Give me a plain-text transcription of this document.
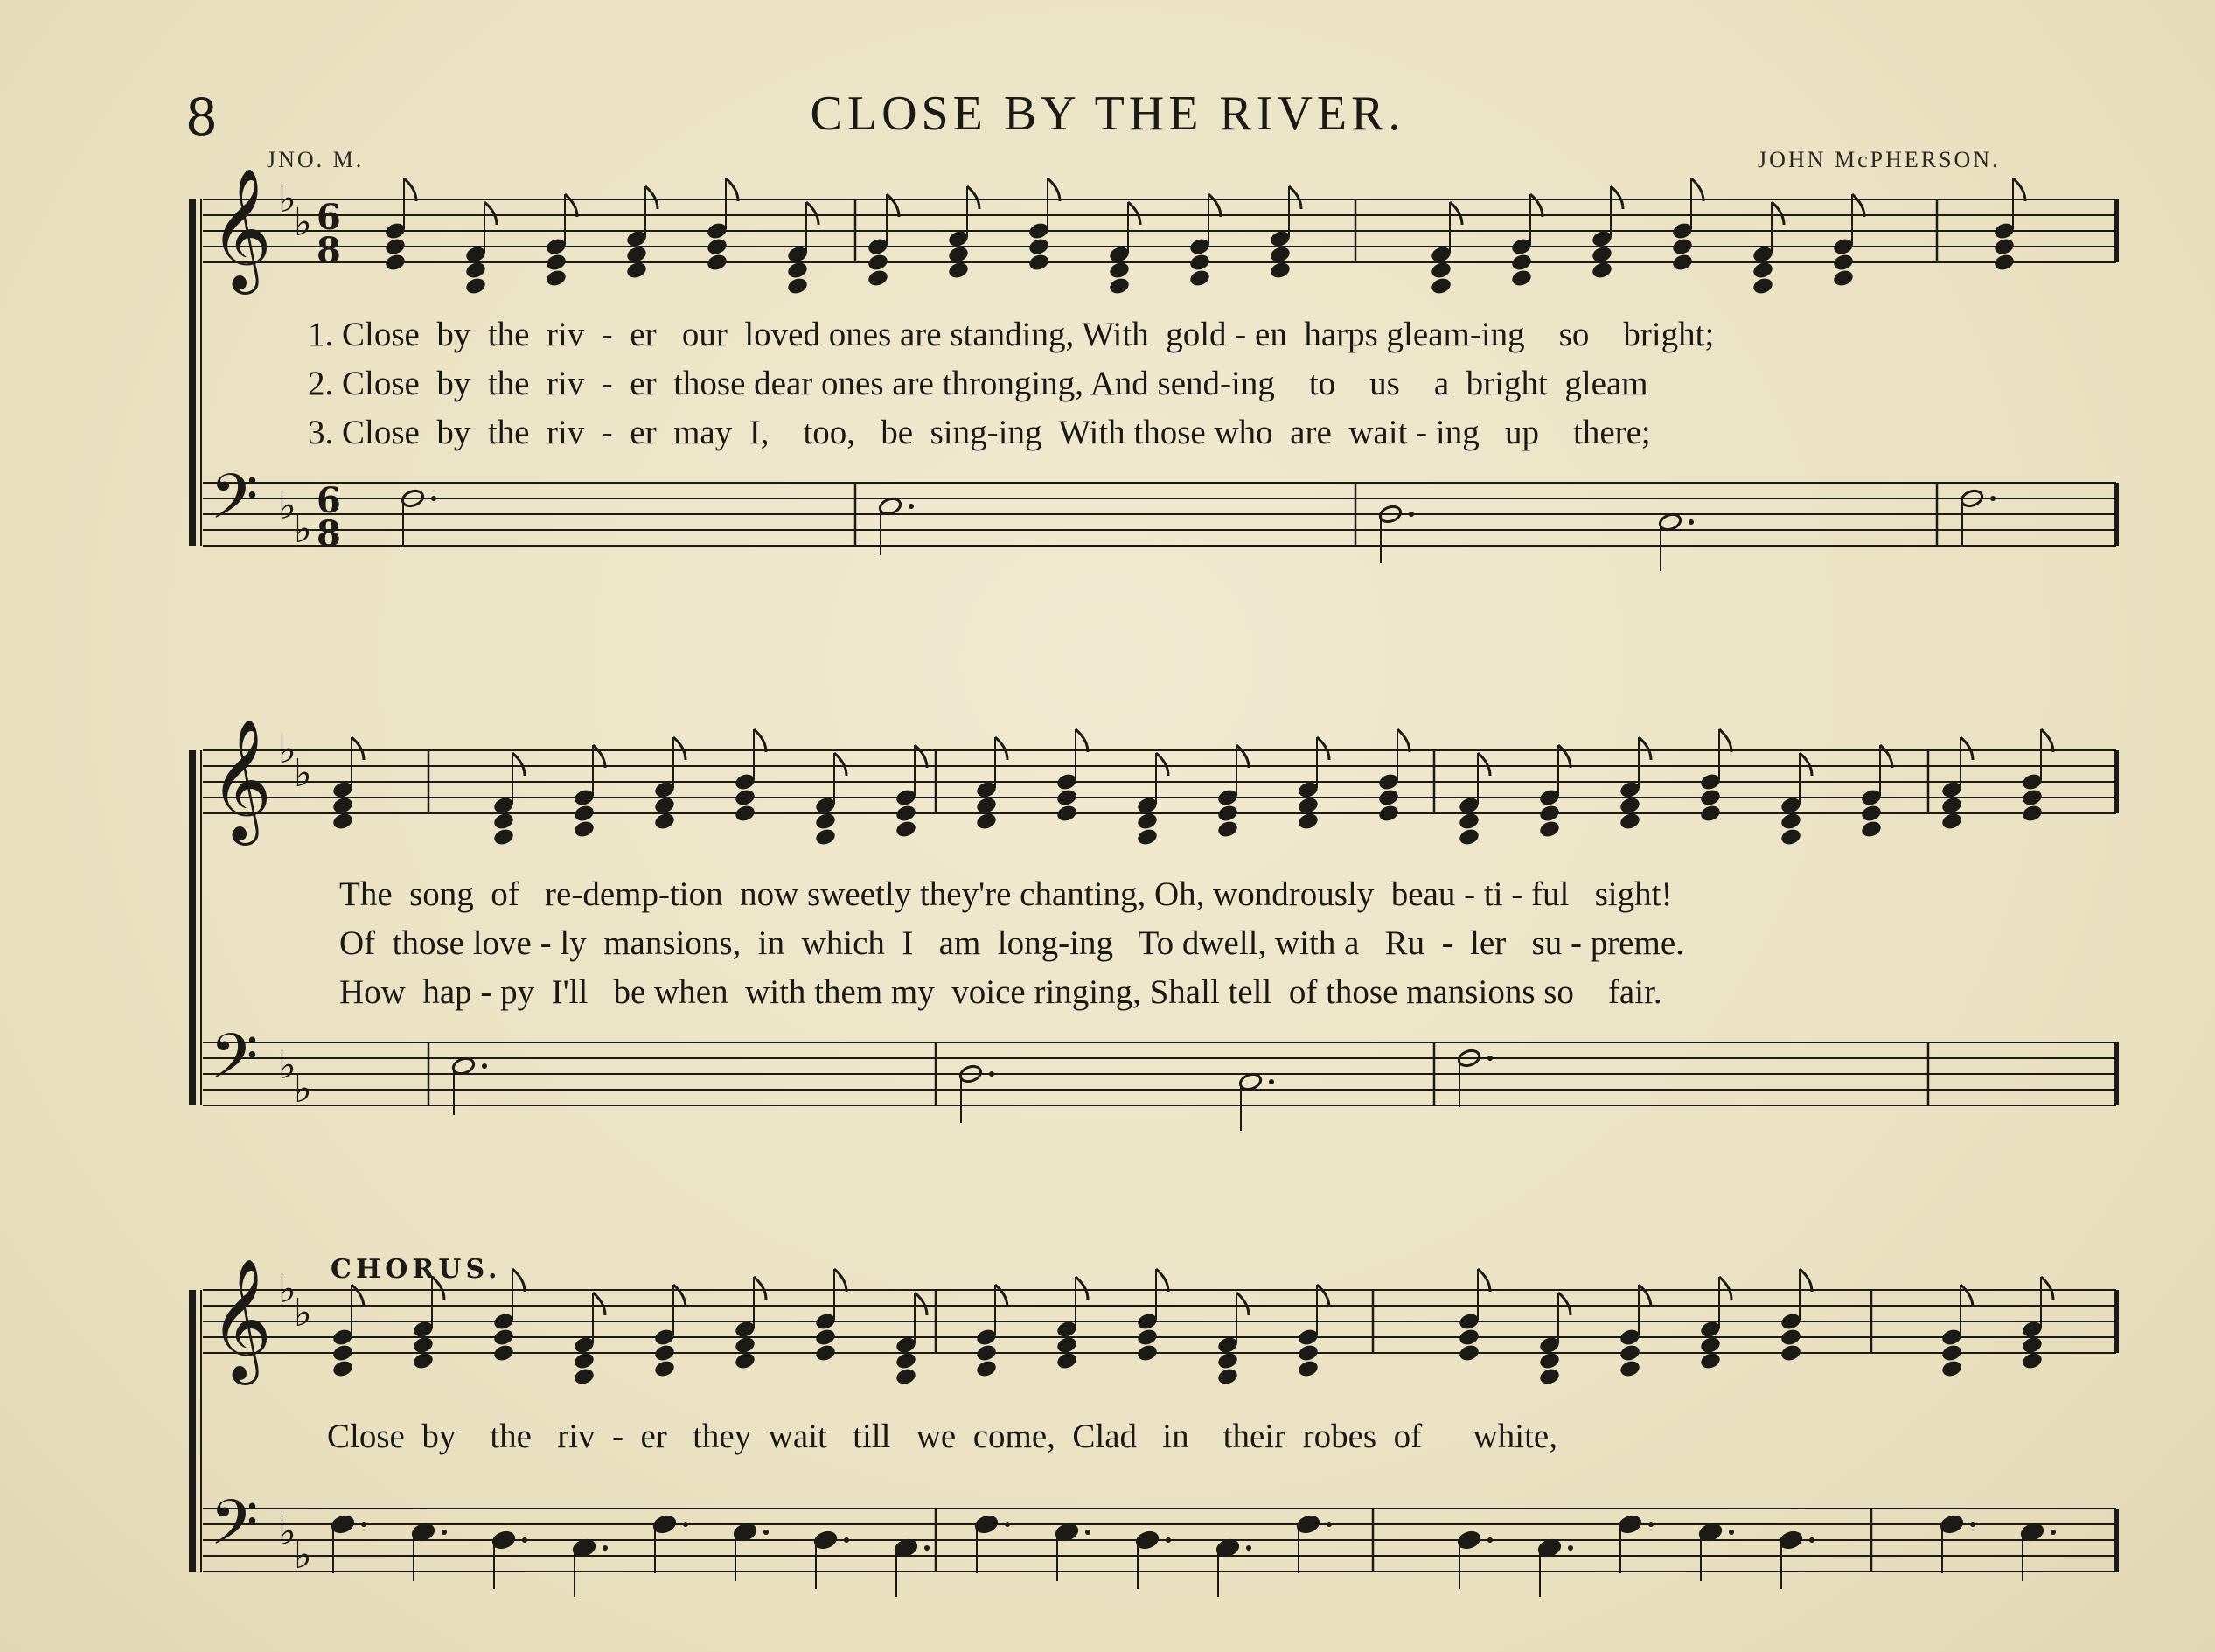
8	CLOSE BY THE RIVER.
JNO. M.	JOHN McPHERSON.
𝄞 ♭
♭ 6
8
𝄢 ♭
♭
6
8
𝄞 ♭
♭
𝄢 ♭
♭
𝄞 ♭
♭
𝄢 ♭
♭
1. Close  by  the  riv  -  er   our  loved ones are standing, With  gold - en  harps gleam-ing    so    bright;
2. Close  by  the  riv  -  er  those dear ones are thronging, And send-ing    to    us    a  bright  gleam
3. Close  by  the  riv  -  er  may  I,    too,   be  sing-ing  With those who  are  wait - ing   up    there;
The  song  of   re-demp-tion  now sweetly they're chanting, Oh, wondrously  beau - ti - ful   sight!
Of  those love - ly  mansions,  in  which  I   am  long-ing   To dwell, with a   Ru  -  ler   su - preme.
How  hap - py  I'll   be when  with them my  voice ringing, Shall tell  of those mansions so    fair.
CHORUS.
Close  by    the   riv  -  er   they  wait   till   we  come,  Clad   in    their  robes  of      white,
